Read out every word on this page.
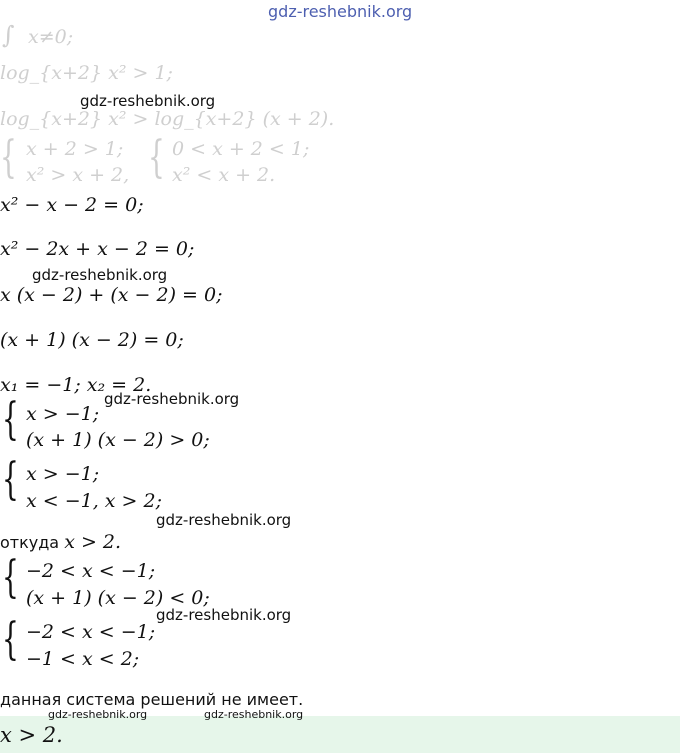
gdz-reshebnik.org
∫ x≠0;
log_{x+2} x² > 1;
log_{x+2} x² > log_{x+2} (x + 2).
{ x + 2 > 1;
x² > x + 2, { 0 < x + 2 < 1;
x² < x + 2.
gdz-reshebnik.org
x² − x − 2 = 0;
x² − 2x + x − 2 = 0;
gdz-reshebnik.org
x (x − 2) + (x − 2) = 0;
(x + 1) (x − 2) = 0;
x₁ = −1; x₂ = 2.
{ x > −1;
(x + 1) (x − 2) > 0;
gdz-reshebnik.org
{ x > −1;
x < −1, x > 2;
gdz-reshebnik.org
откуда x > 2.
{ −2 < x < −1;
(x + 1) (x − 2) < 0;
gdz-reshebnik.org
{ −2 < x < −1;
−1 < x < 2;
данная система решений не имеет.
gdz-reshebnik.org	gdz-reshebnik.org
x > 2.
